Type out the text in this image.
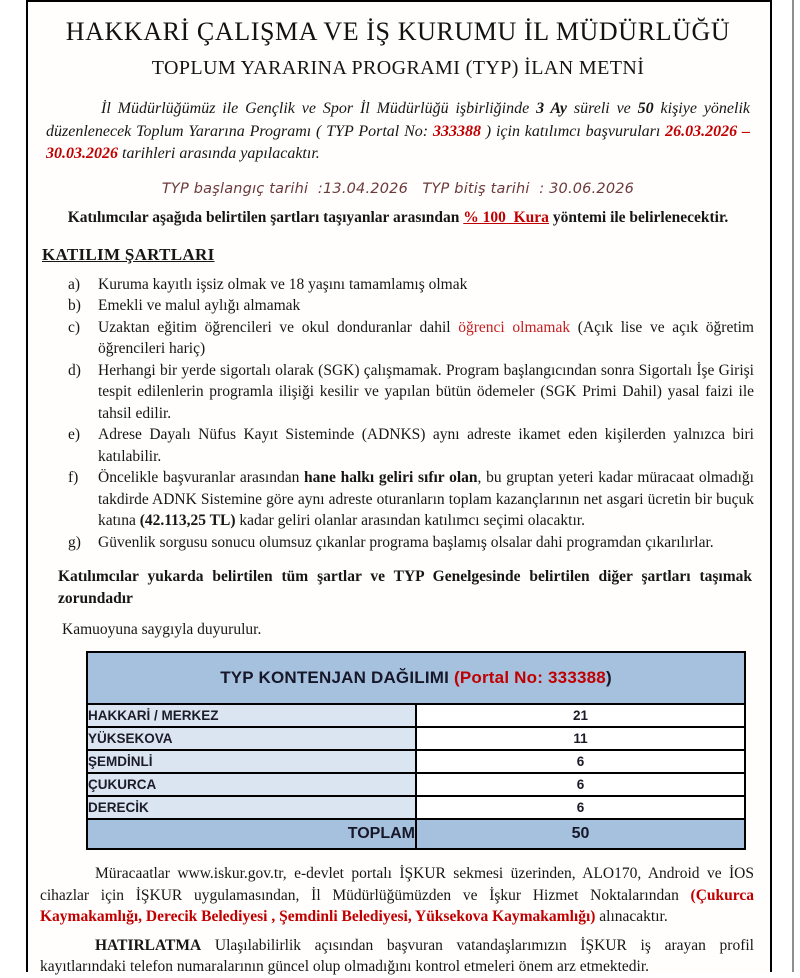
HAKKARİ ÇALIŞMA VE İŞ KURUMU İL MÜDÜRLÜĞÜ
TOPLUM YARARINA PROGRAMI (TYP) İLAN METNİ
İl Müdürlüğümüz ile Gençlik ve Spor İl Müdürlüğü işbirliğinde 3 Ay süreli ve 50 kişiye yönelik düzenlenecek Toplum Yararına Programı ( TYP Portal No: 333388 ) için katılımcı başvuruları 26.03.2026 – 30.03.2026 tarihleri arasında yapılacaktır.
TYP başlangıç tarihi  :13.04.2026   TYP bitiş tarihi  : 30.06.2026
Katılımcılar aşağıda belirtilen şartları taşıyanlar arasından % 100  Kura yöntemi ile belirlenecektir.
KATILIM ŞARTLARI
a)	Kuruma kayıtlı işsiz olmak ve 18 yaşını tamamlamış olmak
b)	Emekli ve malul aylığı almamak
c)	Uzaktan eğitim öğrencileri ve okul donduranlar dahil öğrenci olmamak (Açık lise ve açık öğretim öğrencileri hariç)
d)	Herhangi bir yerde sigortalı olarak (SGK) çalışmamak. Program başlangıcından sonra Sigortalı İşe Girişi tespit edilenlerin programla ilişiği kesilir ve yapılan bütün ödemeler (SGK Primi Dahil) yasal faizi ile tahsil edilir.
e)	Adrese Dayalı Nüfus Kayıt Sisteminde (ADNKS) aynı adreste ikamet eden kişilerden yalnızca biri katılabilir.
f)	Öncelikle başvuranlar arasından hane halkı geliri sıfır olan, bu gruptan yeteri kadar müracaat olmadığı takdirde ADNK Sistemine göre aynı adreste oturanların toplam kazançlarının net asgari ücretin bir buçuk katına (42.113,25 TL) kadar geliri olanlar arasından katılımcı seçimi olacaktır.
g)	Güvenlik sorgusu sonucu olumsuz çıkanlar programa başlamış olsalar dahi programdan çıkarılırlar.
Katılımcılar yukarda belirtilen tüm şartlar ve TYP Genelgesinde belirtilen diğer şartları taşımak zorundadır
Kamuoyuna saygıyla duyurulur.
TYP KONTENJAN DAĞILIMI (Portal No: 333388)	
HAKKARİ / MERKEZ	21
YÜKSEKOVA	11
ŞEMDİNLİ	6
ÇUKURCA	6
DERECİK	6
TOPLAM	50
Müracaatlar www.iskur.gov.tr, e-devlet portalı İŞKUR sekmesi üzerinden, ALO170, Android ve İOS cihazlar için İŞKUR uygulamasından, İl Müdürlüğümüzden ve İşkur Hizmet Noktalarından (Çukurca Kaymakamlığı, Derecik Belediyesi , Şemdinli Belediyesi, Yüksekova Kaymakamlığı) alınacaktır.
HATIRLATMA Ulaşılabilirlik açısından başvuran vatandaşlarımızın İŞKUR iş arayan profil kayıtlarındaki telefon numaralarının güncel olup olmadığını kontrol etmeleri önem arz etmektedir.
